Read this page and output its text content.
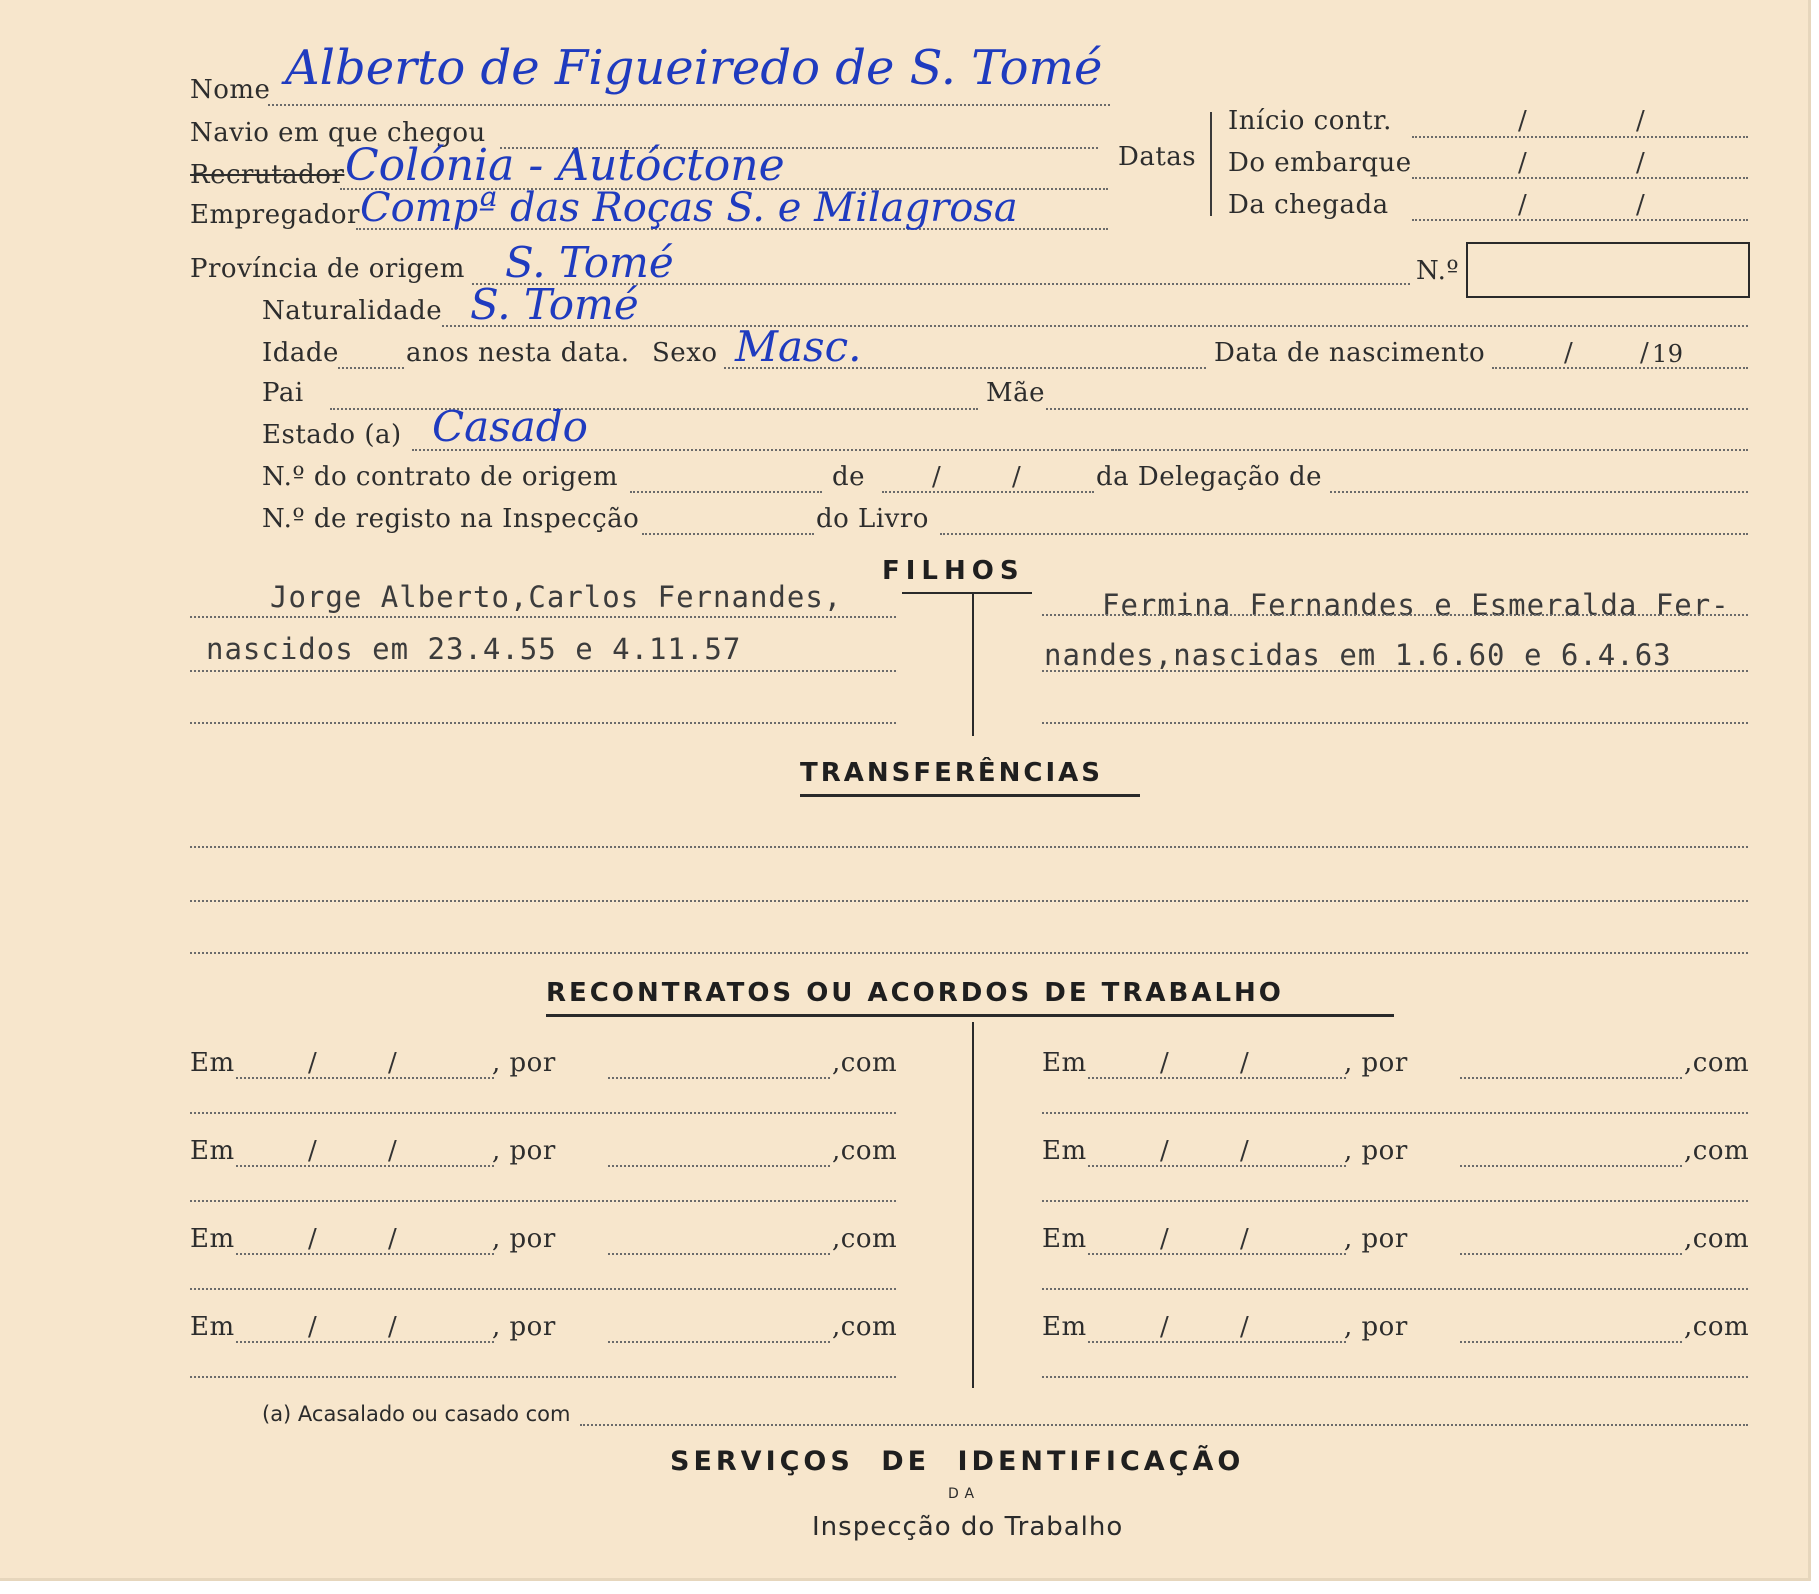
Nome Alberto de Figueiredo de S. Tomé
Navio em que chegou
Recrutador Colónia - Autóctone
Empregador Compª das Roças S. e Milagrosa
Província de origem S. Tomé
Naturalidade S. Tomé
Idade	anos nesta data. Sexo Masc.	Data de nascimento	/	/ 19
Pai	Mãe
Estado (a) Casado
N.º do contrato de origem	de	/	/	da Delegação de
N.º de registo na Inspecção	do Livro
Datas
Início contr.	/	/
Do embarque	/	/
Da chegada	/	/
N.º
FILHOS
Jorge Alberto,Carlos Fernandes,
nascidos em 23.4.55 e 4.11.57
Fermina Fernandes e Esmeralda Fer-
nandes,nascidas em 1.6.60 e 6.4.63
TRANSFERÊNCIAS
RECONTRATOS OU ACORDOS DE TRABALHO
Em	/	/	, por	,com	Em	/	/	, por	,com
Em	/	/	, por	,com	Em	/	/	, por	,com
Em	/	/	, por	,com	Em	/	/	, por	,com
Em	/	/	, por	,com	Em	/	/	, por	,com
(a) Acasalado ou casado com
SERVIÇOS DE IDENTIFICAÇÃO
DA
Inspecção do Trabalho
